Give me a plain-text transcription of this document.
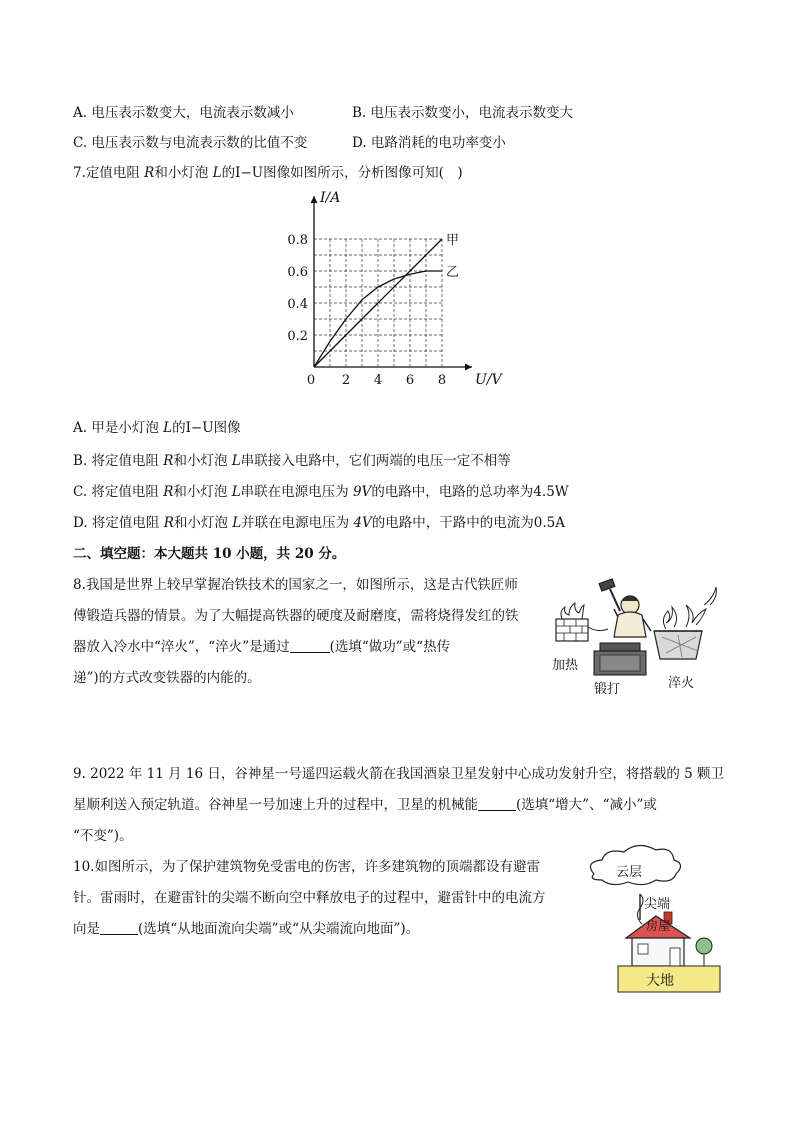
A. 电压表示数变大，电流表示数减小	B. 电压表示数变小，电流表示数变大
C. 电压表示数与电流表示数的比值不变	D. 电路消耗的电功率变小
7.定值电阻 R和小灯泡 L的I−U图像如图所示，分析图像可知(　)
2 4 6 8
0.2
0.4
0.6
0.8
0
I/A
U/V
甲
乙
A. 甲是小灯泡 L的I−U图像
B. 将定值电阻 R和小灯泡 L串联接入电路中，它们两端的电压一定不相等
C. 将定值电阻 R和小灯泡 L串联在电源电压为 9V的电路中，电路的总功率为4.5W
D. 将定值电阻 R和小灯泡 L并联在电源电压为 4V的电路中，干路中的电流为0.5A
二、填空题：本大题共 10 小题，共 20 分。
8.我国是世界上较早掌握冶铁技术的国家之一，如图所示，这是古代铁匠师
傅锻造兵器的情景。为了大幅提高铁器的硬度及耐磨度，需将烧得发红的铁
器放入冷水中“淬火”，“淬火”是通过	(选填“做功”或“热传
递”)的方式改变铁器的内能的。
加热
锻打	淬火
9. 2022 年 11 月 16 日，谷神星一号遥四运载火箭在我国酒泉卫星发射中心成功发射升空，将搭载的 5 颗卫
星顺利送入预定轨道。谷神星一号加速上升的过程中，卫星的机械能	(选填“增大”、“减小”或
“不变”)。
10.如图所示，为了保护建筑物免受雷电的伤害，许多建筑物的顶端都设有避雷
针。雷雨时，在避雷针的尖端不断向空中释放电子的过程中，避雷针中的电流方
向是	(选填“从地面流向尖端”或“从尖端流向地面”)。
云层
尖端
房屋
大地
